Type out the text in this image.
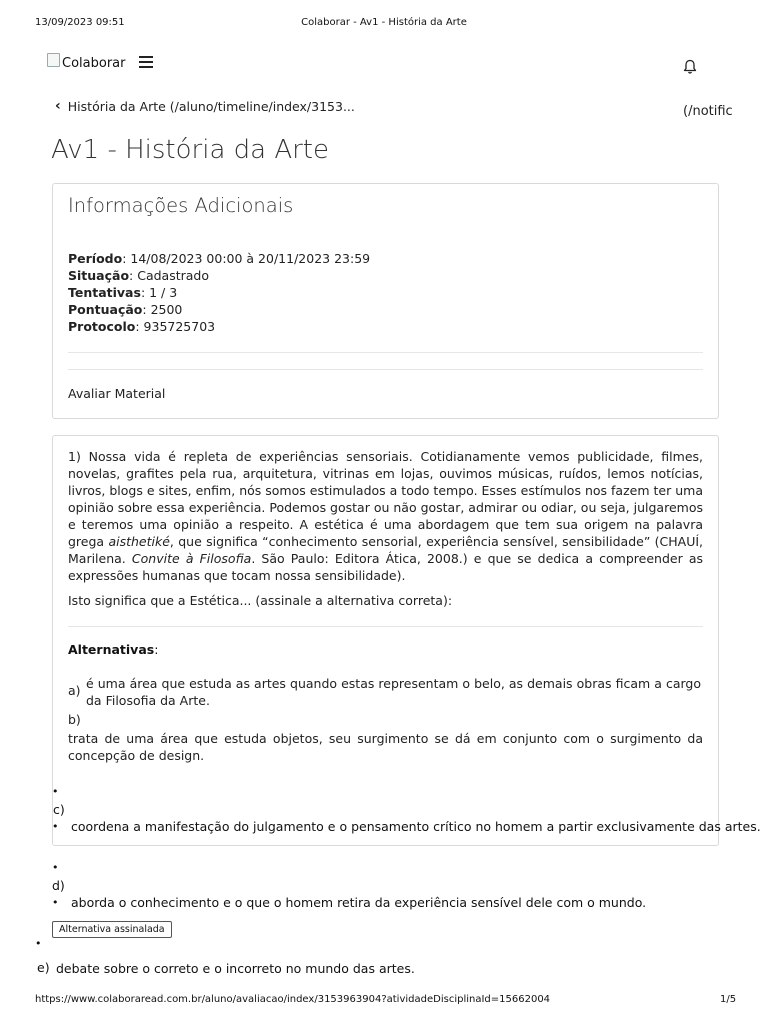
13/09/2023 09:51	Colaborar - Av1 - História da Arte
Colaborar
‹ História da Arte (/aluno/timeline/index/3153...	(/notific
Av1 - História da Arte
Informações Adicionais
Período: 14/08/2023 00:00 à 20/11/2023 23:59
Situação: Cadastrado
Tentativas: 1 / 3
Pontuação: 2500
Protocolo: 935725703
Avaliar Material

1) Nossa vida é repleta de experiências sensoriais. Cotidianamente vemos publicidade, filmes, novelas, grafites pela rua, arquitetura, vitrinas em lojas, ouvimos músicas, ruídos, lemos notícias, livros, blogs e sites, enfim, nós somos estimulados a todo tempo. Esses estímulos nos fazem ter uma opinião sobre essa experiência. Podemos gostar ou não gostar, admirar ou odiar, ou seja, julgaremos e teremos uma opinião a respeito. A estética é uma abordagem que tem sua origem na palavra grega aisthetiké, que significa “conhecimento sensorial, experiência sensível, sensibilidade” (CHAUÍ, Marilena. Convite à Filosofia. São Paulo: Editora Ática, 2008.) e que se dedica a compreender as expressões humanas que tocam nossa sensibilidade).

Isto significa que a Estética... (assinale a alternativa correta):
Alternativas:
a) é uma área que estuda as artes quando estas representam o belo, as demais obras ficam a cargo da Filosofia da Arte.
b)
trata de uma área que estuda objetos, seu surgimento se dá em conjunto com o surgimento da concepção de design.
•
c)
• coordena a manifestação do julgamento e o pensamento crítico no homem a partir exclusivamente das artes.
•
d)
• aborda o conhecimento e o que o homem retira da experiência sensível dele com o mundo.
Alternativa assinalada
•
e) debate sobre o correto e o incorreto no mundo das artes.
https://www.colaboraread.com.br/aluno/avaliacao/index/3153963904?atividadeDisciplinaId=15662004	1/5
